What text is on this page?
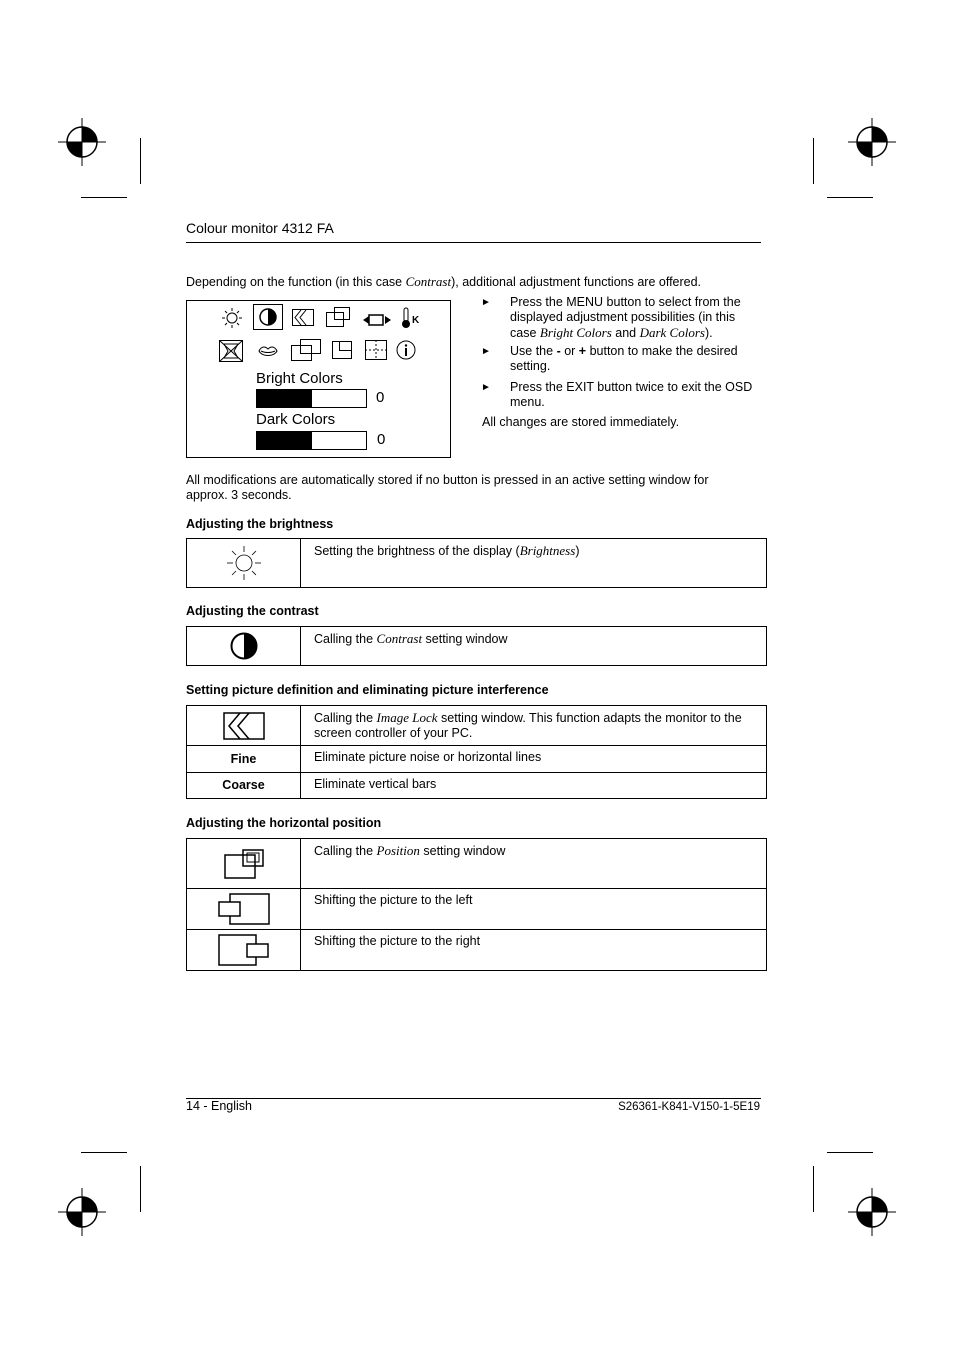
Colour monitor 4312 FA
Depending on the function (in this case Contrast), additional adjustment functions are offered.
K
Bright Colors
0
Dark Colors
0
► Press the MENU button to select from the displayed adjustment possibilities (in this case Bright Colors and Dark Colors).
► Use the - or + button to make the desired setting.
► Press the EXIT button twice to exit the OSD menu.
All changes are stored immediately.
All modifications are automatically stored if no button is pressed in an active setting window for approx. 3 seconds.
Adjusting the brightness
	Setting the brightness of the display (Brightness)
Adjusting the contrast
	Calling the Contrast setting window
Setting picture definition and eliminating picture interference
	Calling the Image Lock setting window. This function adapts the monitor to the screen controller of your PC.
Fine	Eliminate picture noise or horizontal lines
Coarse	Eliminate vertical bars
Adjusting the horizontal position
	Calling the Position setting window

	Shifting the picture to the left

	Shifting the picture to the right
14 - English	S26361-K841-V150-1-5E19
